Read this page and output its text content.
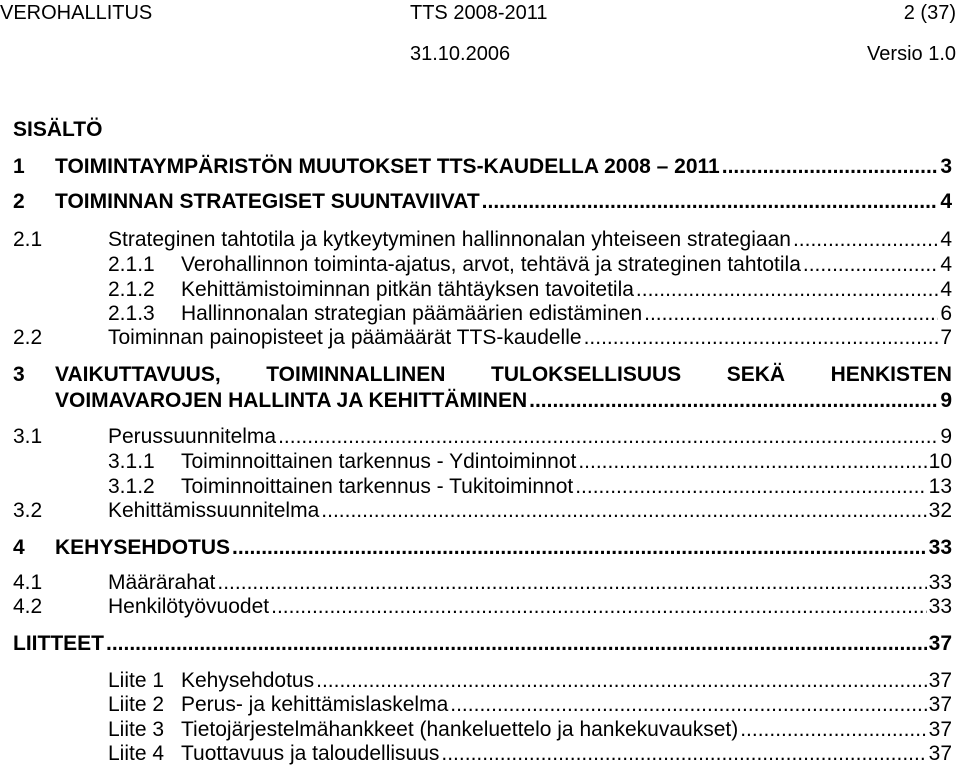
VEROHALLITUS	TTS 2008-2011	2 (37)
31.10.2006	Versio 1.0
SISÄLTÖ
1	TOIMINTAYMPÄRISTÖN MUUTOKSET TTS-KAUDELLA 2008 – 2011 .....	3
2	TOIMINNAN STRATEGISET SUUNTAVIIVAT .....	4
2.1	Strateginen tahtotila ja kytkeytyminen hallinnonalan yhteiseen strategiaan .....	4
2.1.1	Verohallinnon toiminta-ajatus, arvot, tehtävä ja strateginen tahtotila .....	4
2.1.2	Kehittämistoiminnan pitkän tähtäyksen tavoitetila .....	4
2.1.3	Hallinnonalan strategian päämäärien edistäminen .....	6
2.2	Toiminnan painopisteet ja päämäärät TTS-kaudelle .....	7
3	VAIKUTTAVUUS, TOIMINNALLINEN TULOKSELLISUUS SEKÄ HENKISTEN
VOIMAVAROJEN HALLINTA JA KEHITTÄMINEN .....	9
3.1	Perussuunnitelma .....	9
3.1.1	Toiminnoittainen tarkennus - Ydintoiminnot .....	10
3.1.2	Toiminnoittainen tarkennus - Tukitoiminnot .....	13
3.2	Kehittämissuunnitelma .....	32
4	KEHYSEHDOTUS .....	33
4.1	Määrärahat .....	33
4.2	Henkilötyövuodet .....	33
LIITTEET .....	37
Liite 1 Kehysehdotus .....	37
Liite 2 Perus- ja kehittämislaskelma .....	37
Liite 3 Tietojärjestelmähankkeet (hankeluettelo ja hankekuvaukset) .....	37
Liite 4 Tuottavuus ja taloudellisuus .....	37
